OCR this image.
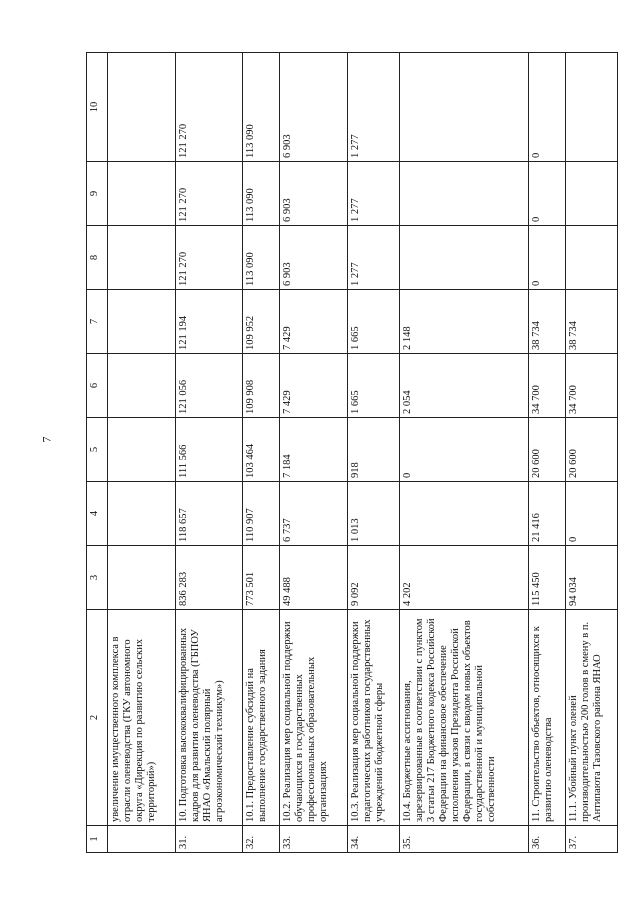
7
1	2	3	4	5	6	7	8	9	10
	увеличение имущественного комплекса в отрасли оленеводства (ГКУ автономного округа «Дирекция по развитию сельских территорий»)								
31.	10. Подготовка высококвалифицированных кадров для развития оленеводства (ГБПОУ ЯНАО «Ямальский полярный агроэкономический техникум»)	836 283	118 657	111 566	121 056	121 194	121 270	121 270	121 270
32.	10.1. Предоставление субсидий на выполнение государственного задания	773 501	110 907	103 464	109 908	109 952	113 090	113 090	113 090
33.	10.2. Реализация мер социальной поддержки обучающихся в государственных профессиональных образовательных организациях	49 488	6 737	7 184	7 429	7 429	6 903	6 903	6 903
34.	10.3. Реализация мер социальной поддержки педагогических работников государственных учреждений бюджетной сферы	9 092	1 013	918	1 665	1 665	1 277	1 277	1 277
35.	10.4. Бюджетные ассигнования, зарезервированные в соответствии с пунктом 3 статьи 217 Бюджетного кодекса Российской Федерации на финансовое обеспечение исполнения указов Президента Российской Федерации, в связи с вводом новых объектов государственной и муниципальной собственности	4 202		0	2 054	2 148			
36.	11. Строительство объектов, относящихся к развитию оленеводства	115 450	21 416	20 600	34 700	38 734	0	0	0
37.	11.1. Убойный пункт оленей производительностью 200 голов в смену в п. Антипаюта Тазовского района ЯНАО	94 034	0	20 600	34 700	38 734			
